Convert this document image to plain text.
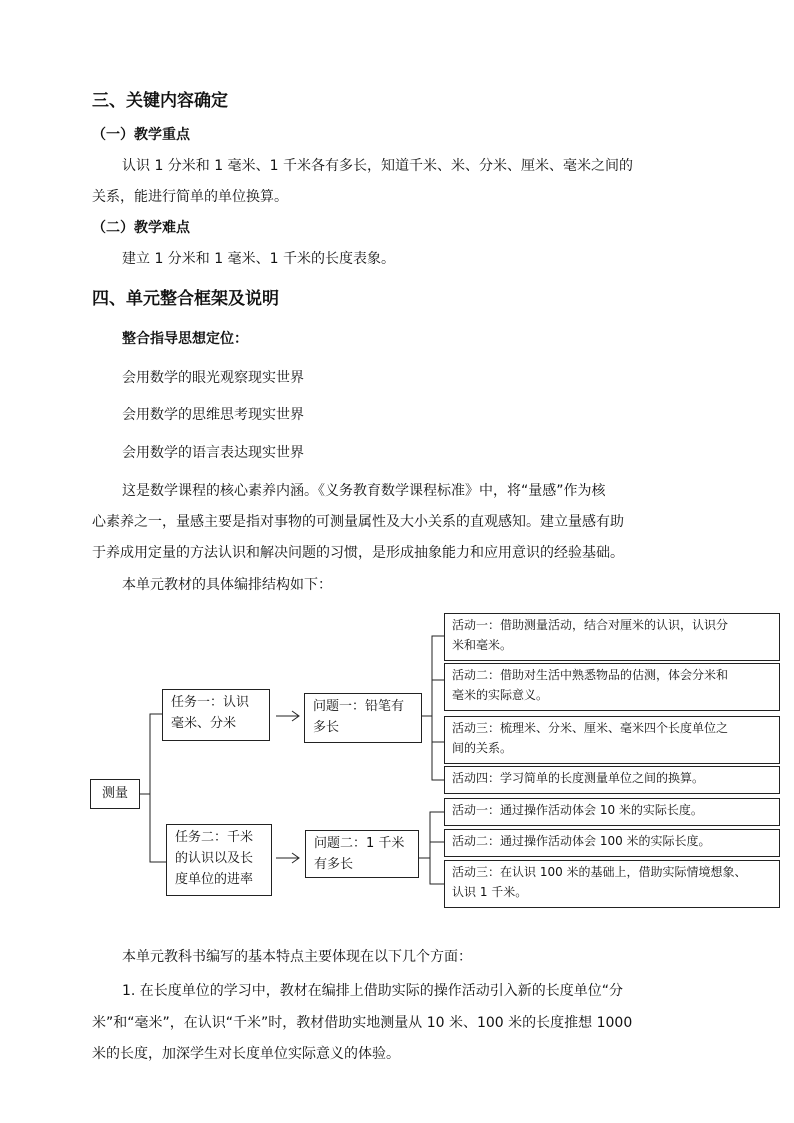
三、关键内容确定
（一）教学重点
认识 1 分米和 1 毫米、1 千米各有多长，知道千米、米、分米、厘米、毫米之间的
关系，能进行简单的单位换算。
（二）教学难点
建立 1 分米和 1 毫米、1 千米的长度表象。
四、单元整合框架及说明
整合指导思想定位：
会用数学的眼光观察现实世界
会用数学的思维思考现实世界
会用数学的语言表达现实世界
这是数学课程的核心素养内涵。《义务教育数学课程标准》中，将“量感”作为核
心素养之一，量感主要是指对事物的可测量属性及大小关系的直观感知。建立量感有助
于养成用定量的方法认识和解决问题的习惯，是形成抽象能力和应用意识的经验基础。
本单元教材的具体编排结构如下：
测量
任务一：认识
毫米、分米
问题一：铅笔有
多长
活动一：借助测量活动，结合对厘米的认识，认识分
米和毫米。
活动二：借助对生活中熟悉物品的估测，体会分米和
毫米的实际意义。
活动三：梳理米、分米、厘米、毫米四个长度单位之
间的关系。
活动四：学习简单的长度测量单位之间的换算。
任务二：千米
的认识以及长
度单位的进率
问题二：1 千米
有多长
活动一：通过操作活动体会 10 米的实际长度。
活动二：通过操作活动体会 100 米的实际长度。
活动三：在认识 100 米的基础上，借助实际情境想象、
认识 1 千米。
本单元教科书编写的基本特点主要体现在以下几个方面：
1. 在长度单位的学习中，教材在编排上借助实际的操作活动引入新的长度单位“分
米”和“毫米”，在认识“千米”时，教材借助实地测量从 10 米、100 米的长度推想 1000
米的长度，加深学生对长度单位实际意义的体验。
